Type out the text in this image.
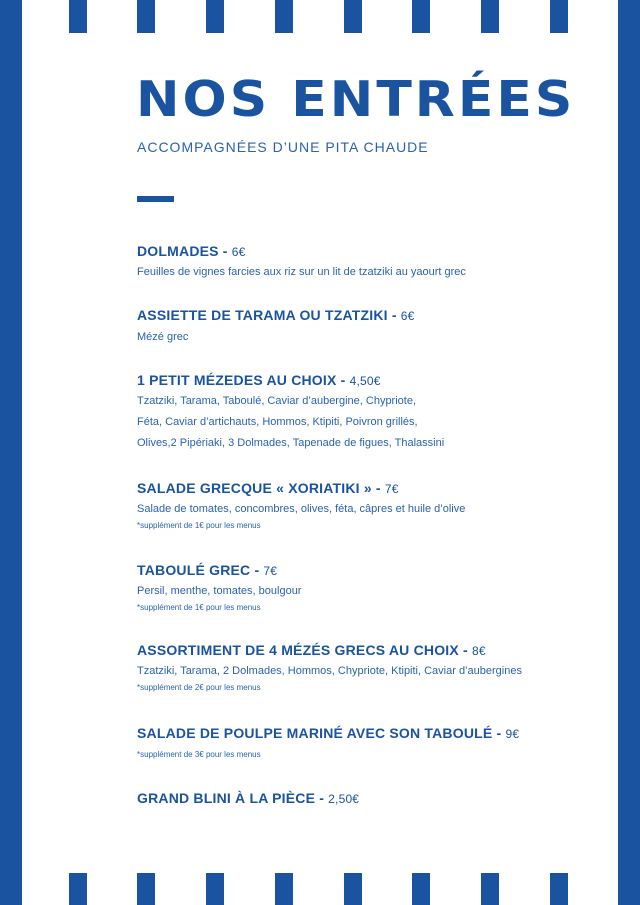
NOS ENTRÉES
ACCOMPAGNÉES D’UNE PITA CHAUDE
DOLMADES - 6€
Feuilles de vignes farcies aux riz sur un lit de tzatziki au yaourt grec
ASSIETTE DE TARAMA OU TZATZIKI - 6€
Mézé grec
1 PETIT MÉZEDES AU CHOIX - 4,50€
Tzatziki, Tarama, Taboulé, Caviar d’aubergine, Chypriote,
Féta, Caviar d’artichauts, Hommos, Ktipiti, Poivron grillés,
Olives,2 Pipériaki, 3 Dolmades, Tapenade de figues, Thalassini
SALADE GRECQUE « XORIATIKI » - 7€
Salade de tomates, concombres, olives, féta, câpres et huile d’olive
*supplément de 1€ pour les menus
TABOULÉ GREC - 7€
Persil, menthe, tomates, boulgour
*supplément de 1€ pour les menus
ASSORTIMENT DE 4 MÉZÉS GRECS AU CHOIX - 8€
Tzatziki, Tarama, 2 Dolmades, Hommos, Chypriote, Ktipiti, Caviar d’aubergines
*supplément de 2€ pour les menus
SALADE DE POULPE MARINÉ AVEC SON TABOULÉ - 9€
*supplément de 3€ pour les menus
GRAND BLINI À LA PIÈCE - 2,50€
